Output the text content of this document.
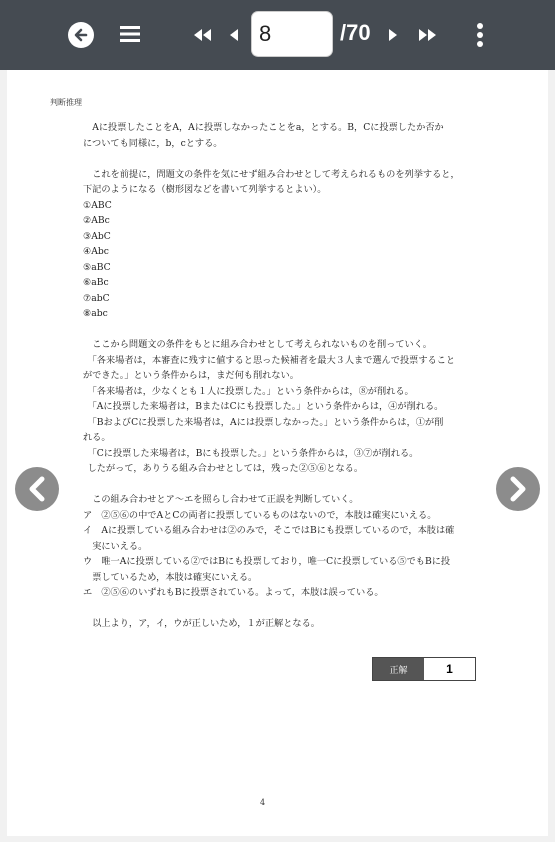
8
/70
判断推理
Aに投票したことをA，Aに投票しなかったことをa，とする。B，Cに投票したか否か
についても同様に，b，cとする。
これを前提に，問題文の条件を気にせず組み合わせとして考えられるものを列挙すると，
下記のようになる（樹形図などを書いて列挙するとよい）。
①ABC
②ABc
③AbC
④Abc
⑤aBC
⑥aBc
⑦abC
⑧abc
ここから問題文の条件をもとに組み合わせとして考えられないものを削っていく。
「各来場者は，本審査に残すに値すると思った候補者を最大３人まで選んで投票すること
ができた。」という条件からは，まだ何も削れない。
「各来場者は，少なくとも１人に投票した。」という条件からは，⑧が削れる。
「Aに投票した来場者は，BまたはCにも投票した。」という条件からは，④が削れる。
「BおよびCに投票した来場者は，Aには投票しなかった。」という条件からは，①が削
れる。
「Cに投票した来場者は，Bにも投票した。」という条件からは，③⑦が削れる。
したがって，ありうる組み合わせとしては，残った②⑤⑥となる。
この組み合わせとア～エを照らし合わせて正誤を判断していく。
ア　②⑤⑥の中でAとCの両者に投票しているものはないので，本肢は確実にいえる。
イ　Aに投票している組み合わせは②のみで，そこではBにも投票しているので，本肢は確
実にいえる。
ウ　唯一Aに投票している②ではBにも投票しており，唯一Cに投票している⑤でもBに投
票しているため，本肢は確実にいえる。
エ　②⑤⑥のいずれもBに投票されている。よって，本肢は誤っている。
以上より，ア，イ，ウが正しいため，１が正解となる。
正解	1
4
